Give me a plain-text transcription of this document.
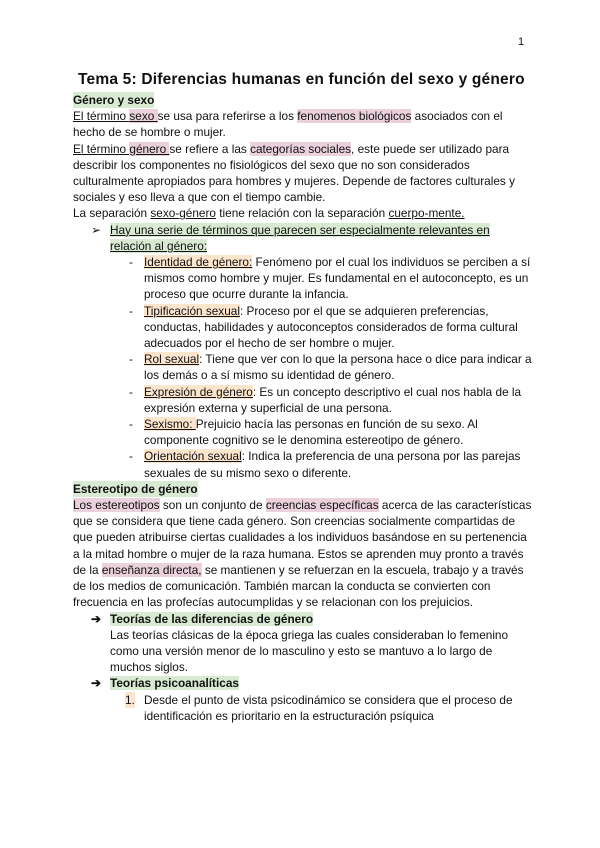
1
Tema 5: Diferencias humanas en función del sexo y género
Género y sexo

El término sexo se usa para referirse a los fenomenos biológicos asociados con el hecho de se hombre o mujer.

El término género se refiere a las categorías sociales, este puede ser utilizado para describir los componentes no fisiológicos del sexo que no son considerados culturalmente apropiados para hombres y mujeres. Depende de factores culturales y sociales y eso lleva a que con el tiempo cambie.

La separación sexo-género tiene relación con la separación cuerpo-mente.

➢ Hay una serie de términos que parecen ser especialmente relevantes en relación al género:
- Identidad de género: Fenómeno por el cual los individuos se perciben a sí mismos como hombre y mujer. Es fundamental en el autoconcepto, es un proceso que ocurre durante la infancia.
- Tipificación sexual: Proceso por el que se adquieren preferencias, conductas, habilidades y autoconceptos considerados de forma cultural adecuados por el hecho de ser hombre o mujer.
- Rol sexual: Tiene que ver con lo que la persona hace o dice para indicar a los demás o a sí mismo su identidad de género.
- Expresión de género: Es un concepto descriptivo el cual nos habla de la expresión externa y superficial de una persona.
- Sexismo: Prejuicio hacía las personas en función de su sexo. Al componente cognitivo se le denomina estereotipo de género.
- Orientación sexual: Indica la preferencia de una persona por las parejas sexuales de su mismo sexo o diferente.
Estereotipo de género

Los estereotipos son un conjunto de creencias específicas acerca de las características que se considera que tiene cada género. Son creencias socialmente compartidas de que pueden atribuirse ciertas cualidades a los individuos basándose en su pertenencia a la mitad hombre o mujer de la raza humana. Estos se aprenden muy pronto a través de la enseñanza directa, se mantienen y se refuerzan en la escuela, trabajo y a través de los medios de comunicación. También marcan la conducta se convierten con frecuencia en las profecías autocumplidas y se relacionan con los prejuicios.

➔ Teorías de las diferencias de género

Las teorías clásicas de la época griega las cuales consideraban lo femenino como una versión menor de lo masculino y esto se mantuvo a lo largo de muchos siglos.

➔ Teorías psicoanalíticas
1. Desde el punto de vista psicodinámico se considera que el proceso de identificación es prioritario en la estructuración psíquica
